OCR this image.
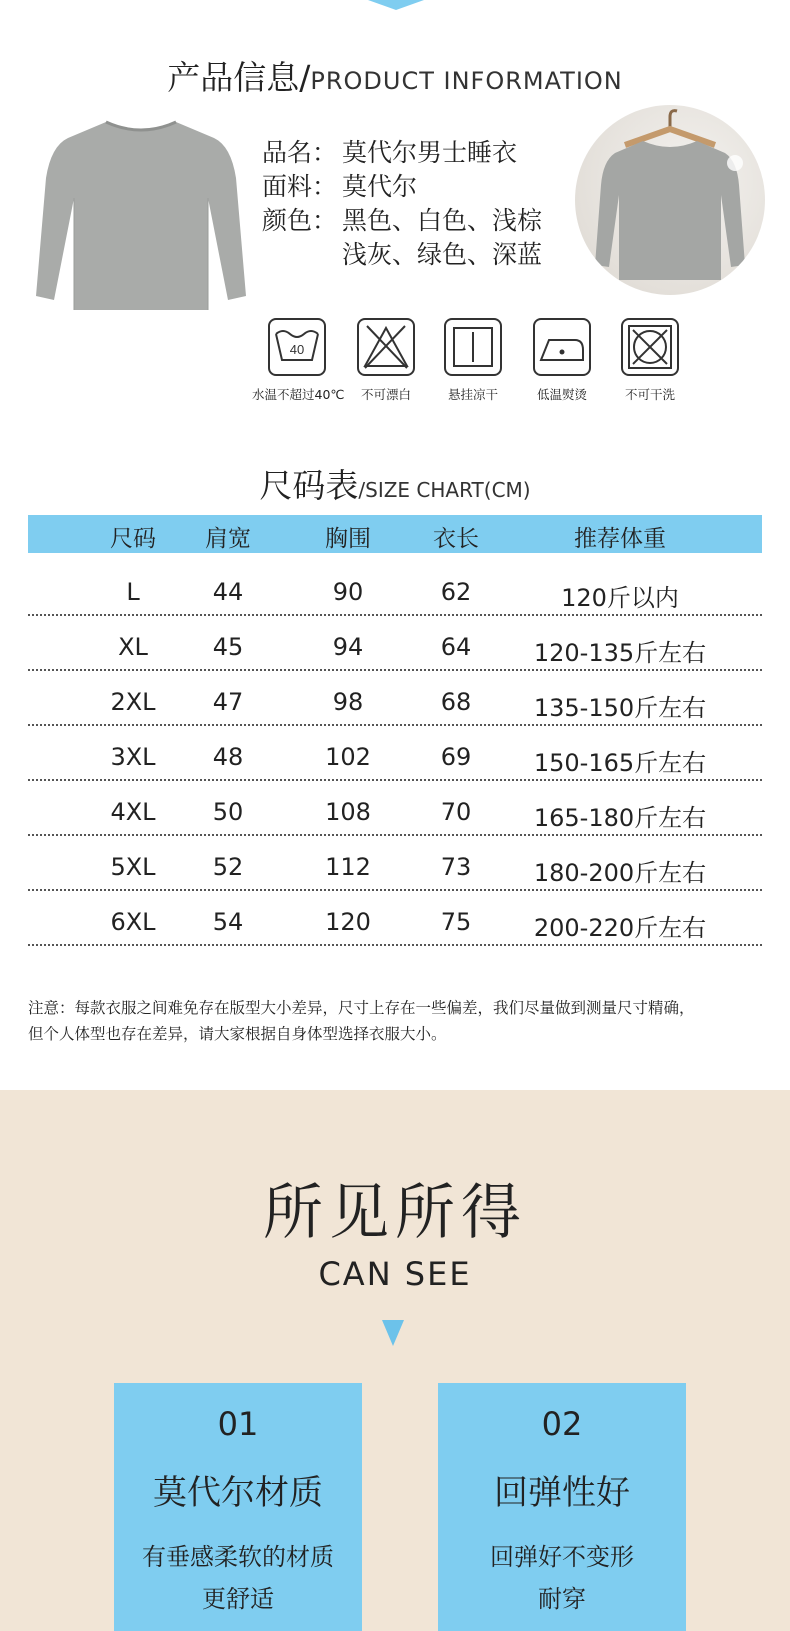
产品信息/PRODUCT INFORMATION
品名： 莫代尔男士睡衣
面料： 莫代尔
颜色： 黑色、白色、浅棕
浅灰、绿色、深蓝
40
水温不超过40℃	不可漂白	悬挂凉干	低温熨烫	不可干洗
尺码表/SIZE CHART(CM)
尺码 肩宽	胸围	衣长	推荐体重
L	44	90	62	120斤以内
XL	45	94	64	120-135斤左右
2XL 47	98	68	135-150斤左右
3XL 48	102	69	150-165斤左右
4XL 50	108	70	165-180斤左右
5XL 52	112	73	180-200斤左右
6XL 54	120	75	200-220斤左右
注意：每款衣服之间难免存在版型大小差异，尺寸上存在一些偏差，我们尽量做到测量尺寸精确，
但个人体型也存在差异，请大家根据自身体型选择衣服大小。
所见所得
CAN SEE
01
莫代尔材质
有垂感柔软的材质
更舒适
02
回弹性好
回弹好不变形
耐穿
